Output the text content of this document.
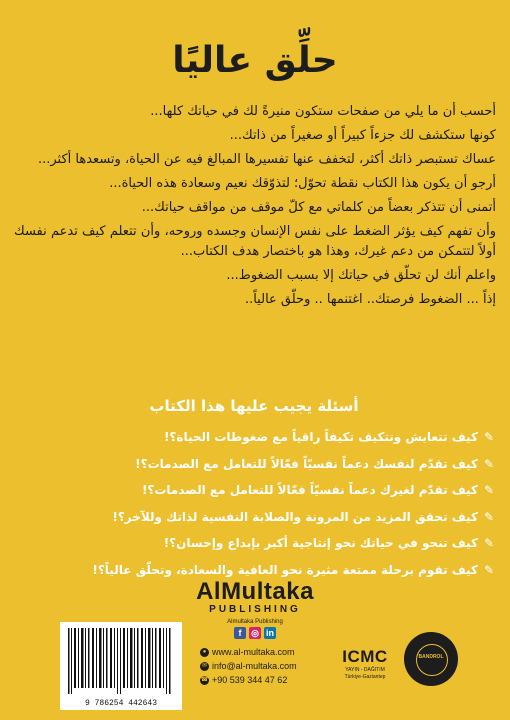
حلِّق عاليًا

أحسب أن ما يلي من صفحات ستكون منيرةً لك في حياتك كلها...

كونها ستكشف لك جزءاً كبيراً أو صغيراً من ذاتك...

عساك تستبصر ذاتك أكثر، لتخفف عنها تفسيرها المبالغ فيه عن الحياة، وتسعدها أكثر...

أرجو أن يكون هذا الكتاب نقطة تحوّل؛ لتذوّقك نعيم وسعادة هذه الحياة...

أتمنى أن تتذكر بعضاً من كلماتي مع كلّ موقف من مواقف حياتك...

وأن تفهم كيف يؤثر الضغط على نفس الإنسان وجسده وروحه، وأن تتعلم كيف تدعم نفسك أولاً لتتمكن من دعم غيرك، وهذا هو باختصار هدف الكتاب...

واعلم أنك لن تحلّق في حياتك إلا بسبب الضغوط...

إذاً ... الضغوط فرصتك.. اغتنمها .. وحلّق عالياً..

أسئلة يجيب عليها هذا الكتاب
✎كيف تتعايش وتتكيف تكيفاً راقياً مع ضغوطات الحياة؟!
✎كيف تقدّم لنفسك دعماً نفسيّاً فعّالاً للتعامل مع الصدمات؟!
✎كيف تقدّم لغيرك دعماً نفسيّاً فعّالاً للتعامل مع الصدمات؟!
✎كيف تحقق المزيد من المرونة والصلابة النفسية لذاتك وللآخر؟!
✎كيف تنحو في حياتك نحو إنتاجية أكبر بإبداع وإحسان؟!
✎كيف تقوم برحلة ممتعة مثيرة نحو العافية والسعادة، وتحلّق عالياً؟!
AlMultaka
PUBLISHING
Almultaka Publishing
f	◎ in
● www.al-multaka.com
✉ info@al-multaka.com
☎ +90 539 344 47 62
9 786254 442643
ICMC
YAYIN - DAĞITIM
Türkiye-Gaziantep
BANDROL
